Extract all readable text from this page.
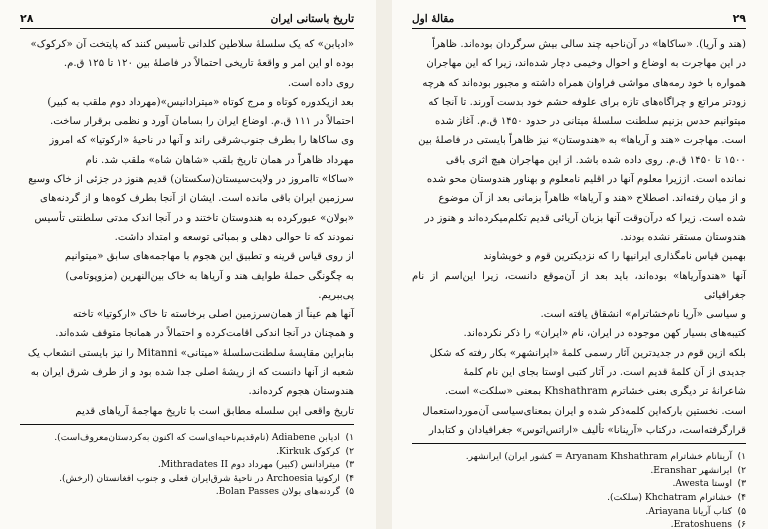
تاریخ باستانی ایران
۲۸

«ادیابن» که یک سلسلهٔ سلاطین کلدانی تأسیس کنند که پایتخت آن «کرکوک»

بوده‌ او این امر و واقعهٔ تاریخی احتمالاً در فاصلهٔ بین ۱۲۰ تا ۱۲۵ ق.م.

روی داده است.

بعد ازیکدوره‌ کوتاه‌ و مرج کوتاه «میترادانیس»(مهرداد دوم ملقب به کبیر)

احتمالاً در ۱۱۱ ق.م. اوضاع ایران را بسامان آورد و نظمی برقرار ساخت.

وی ساکاها را بطرف جنوب‌شرقی راند و آنها در ناحیهٔ «ارکوتیا» که امروز

مهرداد ظاهراً در همان تاریخ بلقب «شاهان شاه» ملقب شد. نام

«ساکا» تاامروز در ولایت‌سیستان(سکستان) قدیم هنوز در جزئی از خاک وسیع

سرزمین ایران باقی مانده است. ایشان از آنجا بطرف کوه‌ها و از گردنه‌های

«بولان» عبورکرده‌ به هندوستان تاختند و در آنجا اندک مدتی سلطنتی تأسیس

نمودند که تا حوالی دهلی و بمبائی توسعه و امتداد داشت.

از روی قیاس قرینه و تطبیق این هجوم با مهاجمه‌های سابق «میتوانیم

به چگونگی حملهٔ طوایف هند و آریاها به خاک بین‌النهرین (مزوپوتامی)

پی‌ببریم.

آنها هم عیناً از همان‌سرزمین اصلی برخاسته تا خاک «ارکوتیا» تاخته

و همچنان در آنجا اندکی اقامت‌کرده و احتمالاً در همانجا متوقف شده‌اند.

بنابراین مقایسهٔ سلطنت‌سلسلهٔ «میتانی» Mitanni را نیز بایستی انشعاب یک

شعبه از آنها دانست که از ریشهٔ اصلی جدا شده بود و از طرف شرق ایران به

هندوستان هجوم کرده‌اند.

تاریخ واقعی این سلسله مطابق است با تاریخ مهاجمهٔ آریاهای قدیم

۱)ادیابن Adiabene (نام‌قدیم‌ناحیه‌ای‌است که اکنون به‌کردستان‌معروف‌است).
۲)کرکوک Kirkuk.
۳)میترادانس (کبیر) مهرداد دوم Mithradates II.
۴)ارکوتیا Archoesia در ناحیهٔ شرق‌ایران فعلی و جنوب افغانستان (ارخش).
۵)گردنه‌های بولان Bolan Passes.
۲۹
مقالهٔ اول

(هند و آریا). «ساکاها» در آن‌ناحیه چند سالی بیش سرگردان بوده‌اند. ظاهراً

در این مهاجرت به اوضاع و احوال وخیمی دچار شده‌اند، زیرا که این مهاجران

همواره با خود رمه‌های مواشی فراوان همراه داشته و مجبور بوده‌اند که هرچه

زودتر مراتع و چراگاه‌های تازه برای علوفه حشم خود بدست آورند. تا آنجا که

میتوانیم حدس بزنیم سلطنت سلسلهٔ میتانی در حدود ۱۴۵۰ ق.م. آغاز شده

است. مهاجرت «هند و آریاها» به «هندوستان» نیز ظاهراً بایستی در فاصلهٔ بین

۱۵۰۰ تا ۱۴۵۰ ق.م. روی داده شده باشد. از این مهاجران هیچ اثری باقی

نمانده است. اززیرا معلوم آنها در اقلیم نامعلوم و بهناور هندوستان محو شده

و از میان رفته‌اند. اصطلاح «هند و آریاها» ظاهراً بزمانی بعد از آن موضوع

شده است. زیرا که درآن‌وقت آنها بزبان آریائی قدیم تکلم‌میکرده‌اند و هنوز در

هندوستان مستقر نشده بودند.

بهمین قیاس نامگذاری ایرانیها را که نزدیکترین قوم و خویشاوند

آنها «هندوآریاها» بوده‌اند، باید بعد از آن‌موقع دانست، زیرا این‌اسم از نام جغرافیائی

و سیاسی «آریا نام‌خشاترام» انشقاق یافته است.

کتیبه‌های بسیار کهن موجوده در ایران، نام «ایران» را ذکر نکرده‌اند.

بلکه ازین قوم در جدیدترین آثار رسمی کلمهٔ «ایرانشهر» بکار رفته‌ که شکل

جدیدی از آن کلمهٔ قدیم است. در آثار کتبی اوستا بجای این نام کلمهٔ

شاعرانهٔ‌ تر دیگری‌ بعنی‌ خشاترم Khshathram بمعنی «سلکت» است.

است. نخستین‌ بارکه‌این‌ کلمه‌ذکر شده و ایران بمعنای‌سیاسی آن‌مورداستعمال

قرارگرفته‌است، درکتاب «آرینانا» تألیف «اراتس‌اتوس» جغرافیادان و کتابدار

۱)آرینانام خشاترام Aryanam Khshathram = کشور ایران) ایرانشهر.
۲)ایرانشهر Eranshar.
۳)اوستا Awesta.
۴)خشاترام Khchatram (سلکت).
۵)کتاب آریانا Ariayana.
۶)Eratoshuens.
